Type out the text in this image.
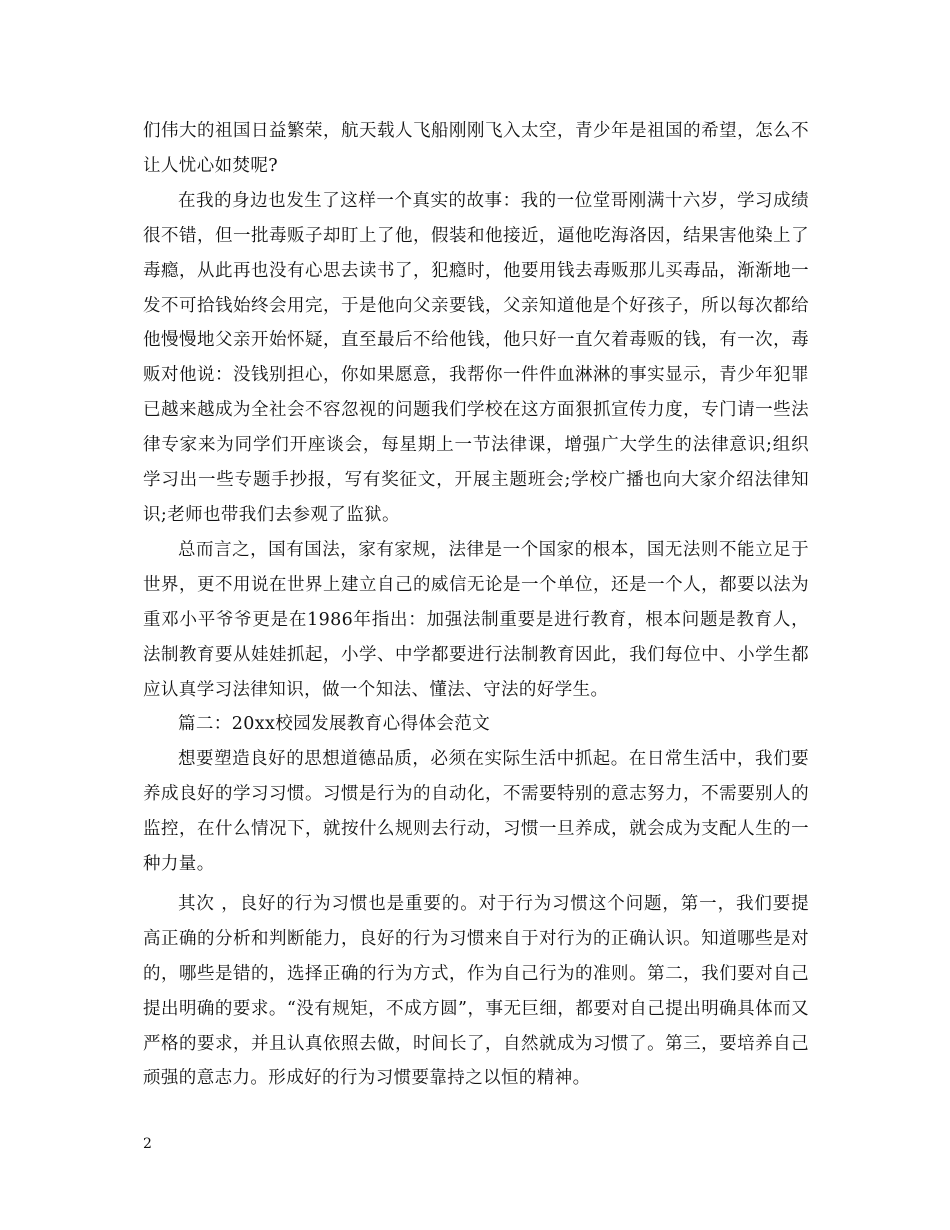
们伟大的祖国日益繁荣，航天载人飞船刚刚飞入太空，青少年是祖国的希望，怎么不让人忧心如焚呢?

在我的身边也发生了这样一个真实的故事：我的一位堂哥刚满十六岁，学习成绩很不错，但一批毒贩子却盯上了他，假装和他接近，逼他吃海洛因，结果害他染上了毒瘾，从此再也没有心思去读书了，犯瘾时，他要用钱去毒贩那儿买毒品，渐渐地一发不可拾钱始终会用完，于是他向父亲要钱，父亲知道他是个好孩子，所以每次都给他慢慢地父亲开始怀疑，直至最后不给他钱，他只好一直欠着毒贩的钱，有一次，毒贩对他说：没钱别担心，你如果愿意，我帮你一件件血淋淋的事实显示，青少年犯罪已越来越成为全社会不容忽视的问题我们学校在这方面狠抓宣传力度，专门请一些法律专家来为同学们开座谈会，每星期上一节法律课，增强广大学生的法律意识;组织学习出一些专题手抄报，写有奖征文，开展主题班会;学校广播也向大家介绍法律知识;老师也带我们去参观了监狱。

总而言之，国有国法，家有家规，法律是一个国家的根本，国无法则不能立足于世界，更不用说在世界上建立自己的威信无论是一个单位，还是一个人，都要以法为重邓小平爷爷更是在1986年指出：加强法制重要是进行教育，根本问题是教育人，法制教育要从娃娃抓起，小学、中学都要进行法制教育因此，我们每位中、小学生都应认真学习法律知识，做一个知法、懂法、守法的好学生。

篇二：20xx校园发展教育心得体会范文

想要塑造良好的思想道德品质，必须在实际生活中抓起。在日常生活中，我们要养成良好的学习习惯。习惯是行为的自动化，不需要特别的意志努力，不需要别人的监控，在什么情况下，就按什么规则去行动，习惯一旦养成，就会成为支配人生的一种力量。

其次 ，良好的行为习惯也是重要的。对于行为习惯这个问题，第一，我们要提高正确的分析和判断能力，良好的行为习惯来自于对行为的正确认识。知道哪些是对的，哪些是错的，选择正确的行为方式，作为自己行为的准则。第二，我们要对自己提出明确的要求。“没有规矩，不成方圆”，事无巨细，都要对自己提出明确具体而又严格的要求，并且认真依照去做，时间长了，自然就成为习惯了。第三，要培养自己顽强的意志力。形成好的行为习惯要靠持之以恒的精神。

2
